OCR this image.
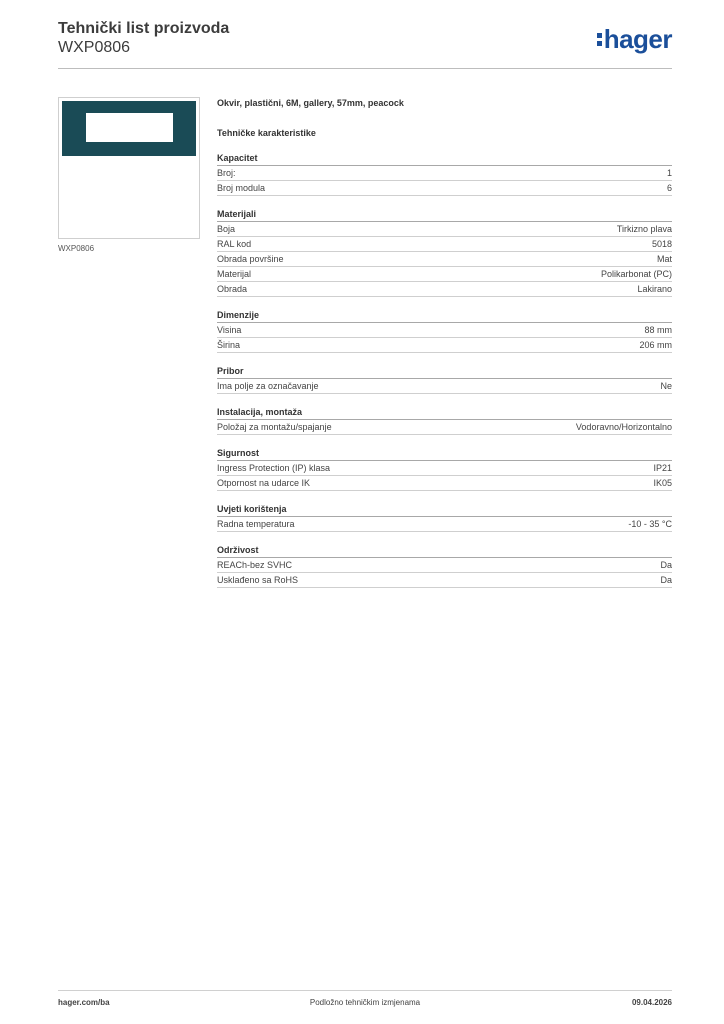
Tehnički list proizvoda
WXP0806	hager
WXP0806
Okvir, plastični, 6M, gallery, 57mm, peacock
Tehničke karakteristike
Kapacitet
Broj:	1
Broj modula	6
Materijali
Boja	Tirkizno plava
RAL kod	5018
Obrada površine	Mat
Materijal	Polikarbonat (PC)
Obrada	Lakirano
Dimenzije
Visina	88 mm
Širina	206 mm
Pribor
Ima polje za označavanje	Ne
Instalacija, montaža
Položaj za montažu/spajanje	Vodoravno/Horizontalno
Sigurnost
Ingress Protection (IP) klasa	IP21
Otpornost na udarce IK	IK05
Uvjeti korištenja
Radna temperatura	-10 - 35 °C
Održivost
REACh-bez SVHC	Da
Usklađeno sa RoHS	Da
hager.com/ba	Podložno tehničkim izmjenama	09.04.2026
